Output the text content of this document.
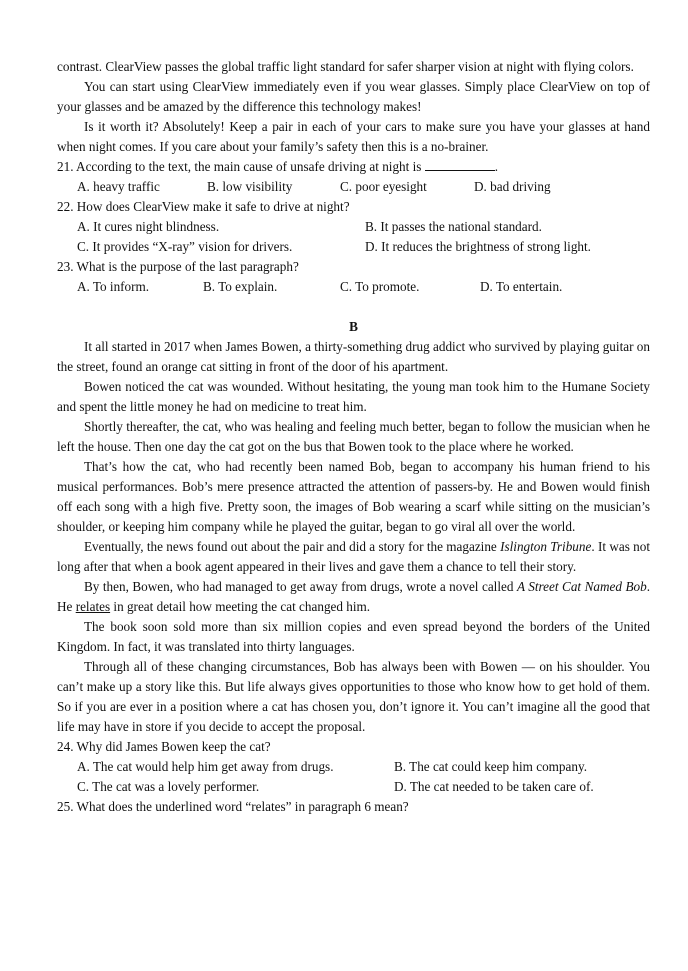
contrast. ClearView passes the global traffic light standard for safer sharper vision at night with flying colors.

You can start using ClearView immediately even if you wear glasses. Simply place ClearView on top of your glasses and be amazed by the difference this technology makes!

Is it worth it? Absolutely! Keep a pair in each of your cars to make sure you have your glasses at hand when night comes. If you care about your family’s safety then this is a no-brainer.

21. According to the text, the main cause of unsafe driving at night is	.

A. heavy traffic	B. low visibility	C. poor eyesight	D. bad driving

22. How does ClearView make it safe to drive at night?

A. It cures night blindness.	B. It passes the national standard.
C. It provides “X-ray” vision for drivers.	D. It reduces the brightness of strong light.

23. What is the purpose of the last paragraph?

A. To inform.	B. To explain.	C. To promote.	D. To entertain.
B

It all started in 2017 when James Bowen, a thirty-something drug addict who survived by playing guitar on the street, found an orange cat sitting in front of the door of his apartment.

Bowen noticed the cat was wounded. Without hesitating, the young man took him to the Humane Society and spent the little money he had on medicine to treat him.

Shortly thereafter, the cat, who was healing and feeling much better, began to follow the musician when he left the house. Then one day the cat got on the bus that Bowen took to the place where he worked.

That’s how the cat, who had recently been named Bob, began to accompany his human friend to his musical performances. Bob’s mere presence attracted the attention of passers-by. He and Bowen would finish off each song with a high five. Pretty soon, the images of Bob wearing a scarf while sitting on the musician’s shoulder, or keeping him company while he played the guitar, began to go viral all over the world.

Eventually, the news found out about the pair and did a story for the magazine Islington Tribune. It was not long after that when a book agent appeared in their lives and gave them a chance to tell their story.

By then, Bowen, who had managed to get away from drugs, wrote a novel called A Street Cat Named Bob. He relates in great detail how meeting the cat changed him.

The book soon sold more than six million copies and even spread beyond the borders of the United Kingdom. In fact, it was translated into thirty languages.

Through all of these changing circumstances, Bob has always been with Bowen — on his shoulder. You can’t make up a story like this. But life always gives opportunities to those who know how to get hold of them. So if you are ever in a position where a cat has chosen you, don’t ignore it. You can’t imagine all the good that life may have in store if you decide to accept the proposal.

24. Why did James Bowen keep the cat?

A. The cat would help him get away from drugs.	B. The cat could keep him company.
C. The cat was a lovely performer.	D. The cat needed to be taken care of.

25. What does the underlined word “relates” in paragraph 6 mean?
